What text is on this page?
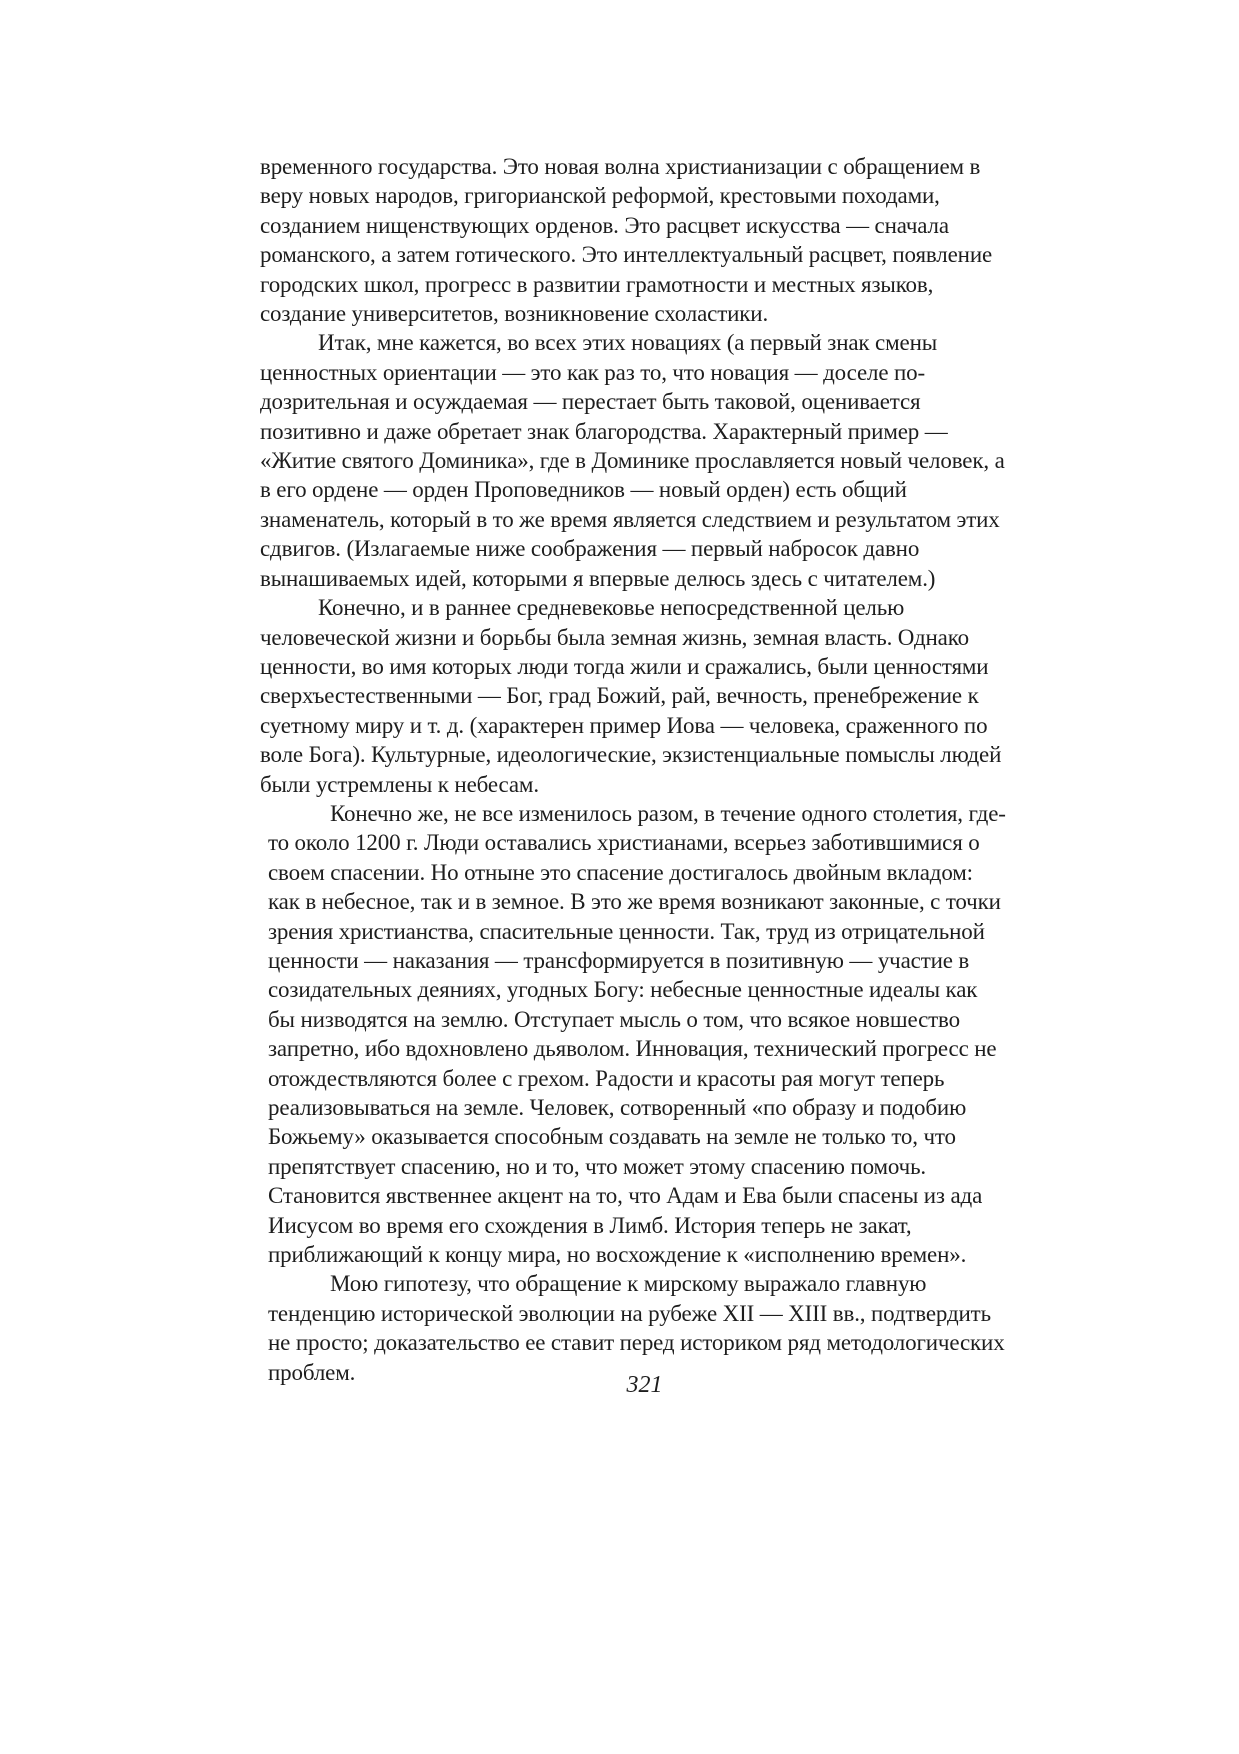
временного государства. Это новая волна христианизации с обращением в
веру новых народов, григорианской реформой, крестовыми походами,
созданием нищенствующих орденов. Это расцвет искусства — сначала
романского, а затем готического. Это интеллектуальный расцвет, появление
городских школ, прогресс в развитии грамотности и местных языков,
создание университетов, возникновение схоластики.
Итак, мне кажется, во всех этих новациях (а первый знак смены
ценностных ориентации — это как раз то, что новация — доселе по-
дозрительная и осуждаемая — перестает быть таковой, оценивается
позитивно и даже обретает знак благородства. Характерный пример —
«Житие святого Доминика», где в Доминике прославляется новый человек, а
в его ордене — орден Проповедников — новый орден) есть общий
знаменатель, который в то же время является следствием и результатом этих
сдвигов. (Излагаемые ниже соображения — первый набросок давно
вынашиваемых идей, которыми я впервые делюсь здесь с читателем.)
Конечно, и в раннее средневековье непосредственной целью
человеческой жизни и борьбы была земная жизнь, земная власть. Однако
ценности, во имя которых люди тогда жили и сражались, были ценностями
сверхъестественными — Бог, град Божий, рай, вечность, пренебрежение к
суетному миру и т. д. (характерен пример Иова — человека, сраженного по
воле Бога). Культурные, идеологические, экзистенциальные помыслы людей
были устремлены к небесам.
Конечно же, не все изменилось разом, в течение одного столетия, где-
то около 1200 г. Люди оставались христианами, всерьез заботившимися о
своем спасении. Но отныне это спасение достигалось двойным вкладом:
как в небесное, так и в земное. В это же время возникают законные, с точки
зрения христианства, спасительные ценности. Так, труд из отрицательной
ценности — наказания — трансформируется в позитивную — участие в
созидательных деяниях, угодных Богу: небесные ценностные идеалы как
бы низводятся на землю. Отступает мысль о том, что всякое новшество
запретно, ибо вдохновлено дьяволом. Инновация, технический прогресс не
отождествляются более с грехом. Радости и красоты рая могут теперь
реализовываться на земле. Человек, сотворенный «по образу и подобию
Божьему» оказывается способным создавать на земле не только то, что
препятствует спасению, но и то, что может этому спасению помочь.
Становится явственнее акцент на то, что Адам и Ева были спасены из ада
Иисусом во время его схождения в Лимб. История теперь не закат,
приближающий к концу мира, но восхождение к «исполнению времен».
Мою гипотезу, что обращение к мирскому выражало главную
тенденцию исторической эволюции на рубеже XII — XIII вв., подтвердить
не просто; доказательство ее ставит перед историком ряд методологических
проблем.	321
